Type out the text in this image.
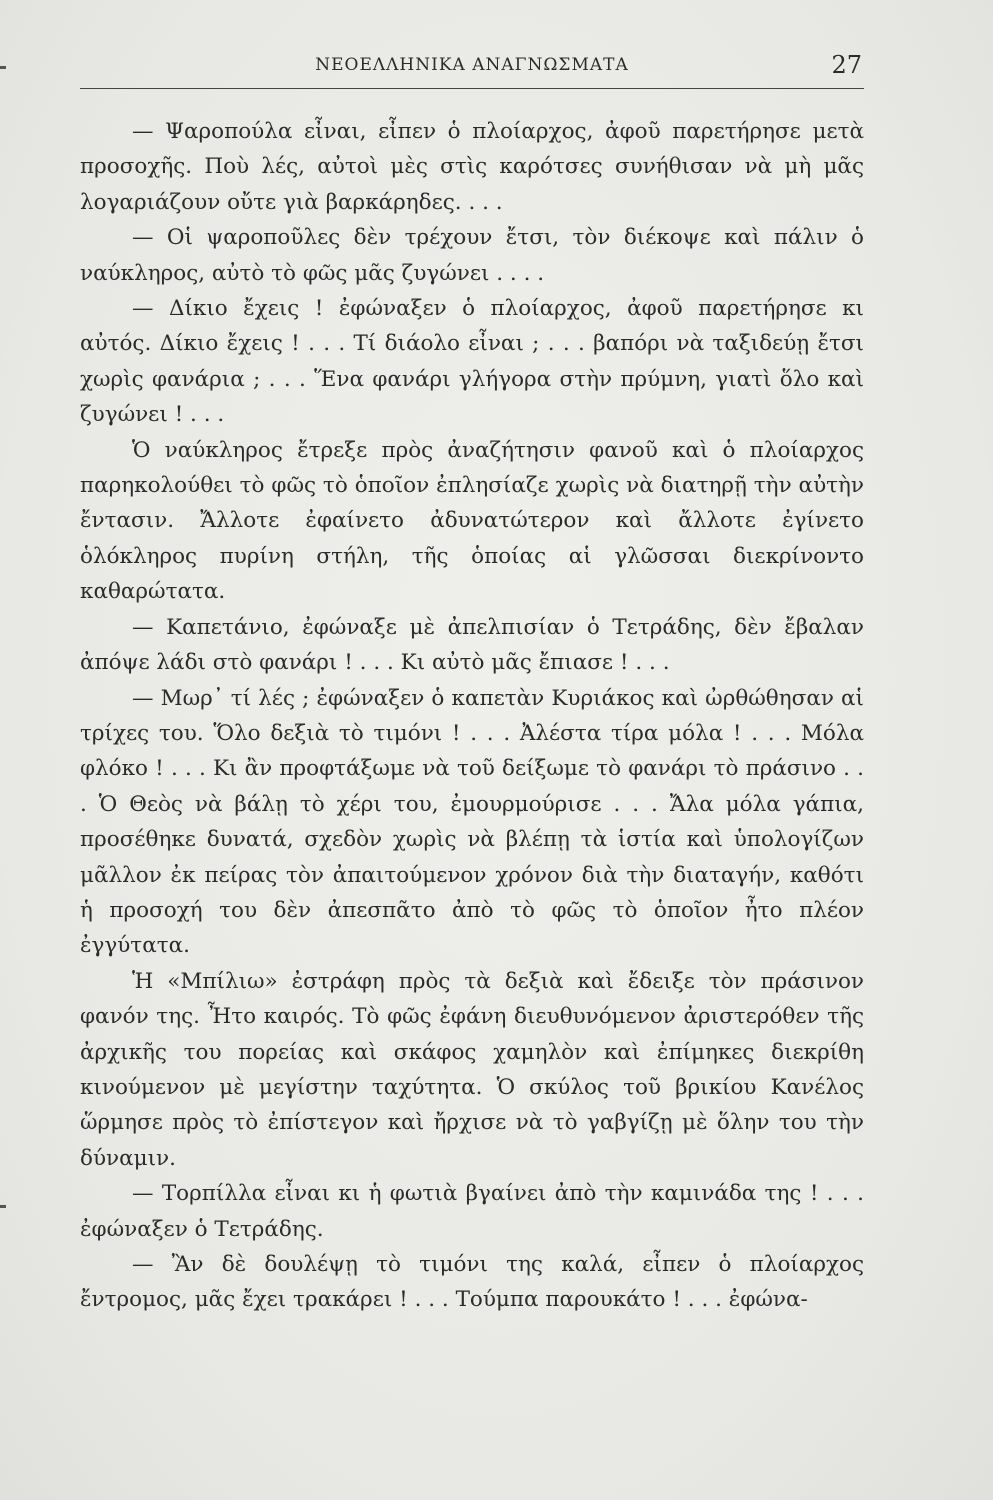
ΝΕΟΕΛΛΗΝΙΚΑ ΑΝΑΓΝΩΣΜΑΤΑ	27

— Ψαροπούλα εἶναι, εἶπεν ὁ πλοίαρχος, ἀφοῦ παρετήρησε μετὰ προσοχῆς. Ποὺ λές, αὐτοὶ μὲς στὶς καρότσες συνήθισαν νὰ μὴ μᾶς λογαριάζουν οὔτε γιὰ βαρκάρηδες. . . .

— Οἱ ψαροποῦλες δὲν τρέχουν ἔτσι, τὸν διέκοψε καὶ πάλιν ὁ ναύκληρος, αὐτὸ τὸ φῶς μᾶς ζυγώνει . . . .

— Δίκιο ἔχεις ! ἐφώναξεν ὁ πλοίαρχος, ἀφοῦ παρετήρησε κι αὐτός. Δίκιο ἔχεις ! . . . Τί διάολο εἶναι ; . . . βαπόρι νὰ ταξιδεύῃ ἔτσι χωρὶς φανάρια ; . . . Ἕνα φανάρι γλήγορα στὴν πρύμνη, γιατὶ ὅλο καὶ ζυγώνει ! . . .

Ὁ ναύκληρος ἔτρεξε πρὸς ἀναζήτησιν φανοῦ καὶ ὁ πλοίαρχος παρηκολούθει τὸ φῶς τὸ ὁποῖον ἐπλησίαζε χωρὶς νὰ διατηρῇ τὴν αὐτὴν ἔντασιν. Ἄλλοτε ἐφαίνετο ἀδυνατώτερον καὶ ἄλλοτε ἐγίνετο ὁλόκληρος πυρίνη στήλη, τῆς ὁποίας αἱ γλῶσσαι διεκρίνοντο καθαρώτατα.

— Καπετάνιο, ἐφώναξε μὲ ἀπελπισίαν ὁ Τετράδης, δὲν ἔβαλαν ἀπόψε λάδι στὸ φανάρι ! . . . Κι αὐτὸ μᾶς ἔπιασε ! . . .

— Μωρ᾽ τί λές ; ἐφώναξεν ὁ καπετὰν Κυριάκος καὶ ὠρθώθησαν αἱ τρίχες του. Ὅλο δεξιὰ τὸ τιμόνι ! . . . Ἀλέστα τίρα μόλα ! . . . Μόλα φλόκο ! . . . Κι ἂν προφτάξωμε νὰ τοῦ δείξωμε τὸ φανάρι τὸ πράσινο . . . Ὁ Θεὸς νὰ βάλῃ τὸ χέρι του, ἐμουρμούρισε . . . Ἄλα μόλα γάπια, προσέθηκε δυνατά, σχεδὸν χωρὶς νὰ βλέπῃ τὰ ἱστία καὶ ὑπολογίζων μᾶλλον ἐκ πείρας τὸν ἀπαιτούμενον χρόνον διὰ τὴν διαταγήν, καθότι ἡ προσοχή του δὲν ἀπεσπᾶτο ἀπὸ τὸ φῶς τὸ ὁποῖον ἦτο πλέον ἐγγύτατα.

Ἡ «Μπίλιω» ἐστράφη πρὸς τὰ δεξιὰ καὶ ἔδειξε τὸν πράσινον φανόν της. Ἦτο καιρός. Τὸ φῶς ἐφάνη διευθυνόμενον ἀριστερόθεν τῆς ἀρχικῆς του πορείας καὶ σκάφος χαμηλὸν καὶ ἐπίμηκες διεκρίθη κινούμενον μὲ μεγίστην ταχύτητα. Ὁ σκύλος τοῦ βρικίου Κανέλος ὥρμησε πρὸς τὸ ἐπίστεγον καὶ ἤρχισε νὰ τὸ γαβγίζῃ μὲ ὅλην του τὴν δύναμιν.

— Τορπίλλα εἶναι κι ἡ φωτιὰ βγαίνει ἀπὸ τὴν καμινάδα της ! . . . ἐφώναξεν ὁ Τετράδης.

— Ἂν δὲ δουλέψῃ τὸ τιμόνι της καλά, εἶπεν ὁ πλοίαρχος ἔντρομος, μᾶς ἔχει τρακάρει ! . . . Τούμπα παρουκάτο ! . . . ἐφώνα-
